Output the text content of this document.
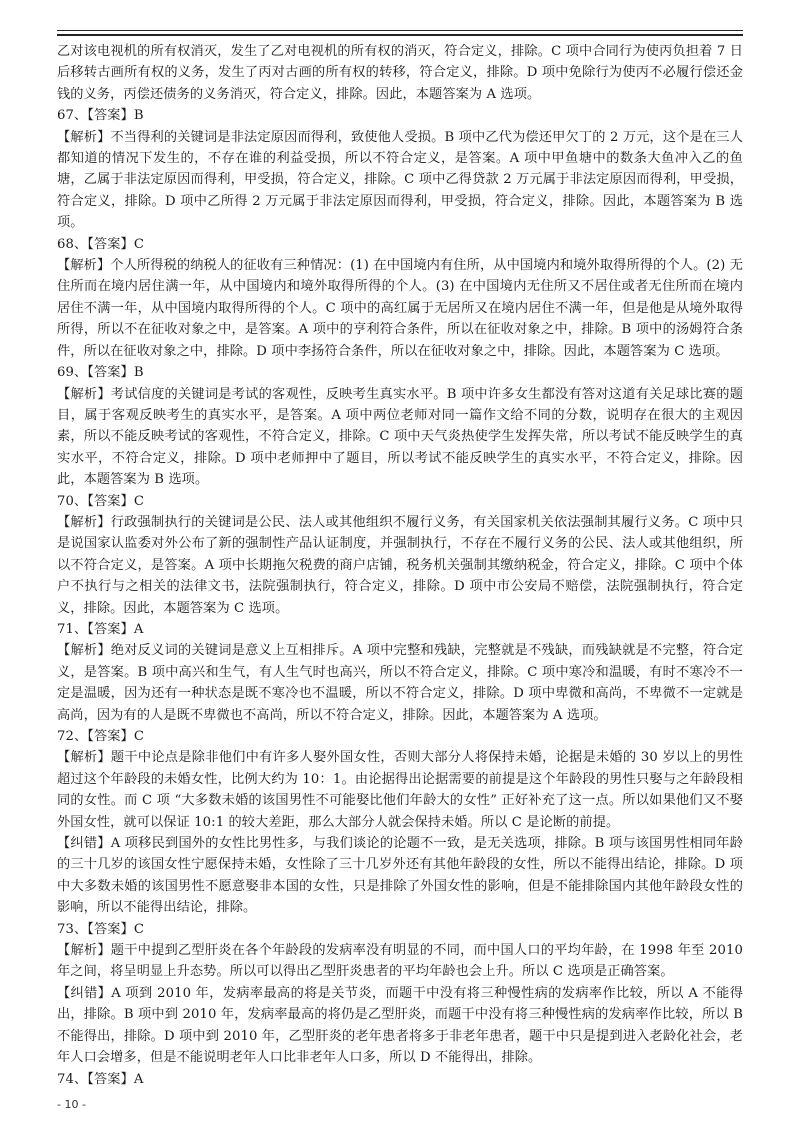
乙对该电视机的所有权消灭，发生了乙对电视机的所有权的消灭，符合定义，排除。C 项中合同行为使丙负担着 7 日后移转古画所有权的义务，发生了丙对古画的所有权的转移，符合定义，排除。D 项中免除行为使丙不必履行偿还金钱的义务，丙偿还债务的义务消灭，符合定义，排除。因此，本题答案为 A 选项。

67、【答案】B

【解析】不当得利的关键词是非法定原因而得利，致使他人受损。B 项中乙代为偿还甲欠丁的 2 万元，这个是在三人都知道的情况下发生的，不存在谁的利益受损，所以不符合定义，是答案。A 项中甲鱼塘中的数条大鱼冲入乙的鱼塘，乙属于非法定原因而得利，甲受损，符合定义，排除。C 项中乙得贷款 2 万元属于非法定原因而得利，甲受损，符合定义，排除。D 项中乙所得 2 万元属于非法定原因而得利，甲受损，符合定义，排除。因此，本题答案为 B 选项。

68、【答案】C

【解析】个人所得税的纳税人的征收有三种情况：(1) 在中国境内有住所，从中国境内和境外取得所得的个人。(2) 无住所而在境内居住满一年，从中国境内和境外取得所得的个人。(3) 在中国境内无住所又不居住或者无住所而在境内居住不满一年，从中国境内取得所得的个人。C 项中的高红属于无居所又在境内居住不满一年，但是他是从境外取得所得，所以不在征收对象之中，是答案。A 项中的亨利符合条件，所以在征收对象之中，排除。B 项中的汤姆符合条件，所以在征收对象之中，排除。D 项中李扬符合条件，所以在征收对象之中，排除。因此，本题答案为 C 选项。

69、【答案】B

【解析】考试信度的关键词是考试的客观性，反映考生真实水平。B 项中许多女生都没有答对这道有关足球比赛的题目，属于客观反映考生的真实水平，是答案。A 项中两位老师对同一篇作文给不同的分数，说明存在很大的主观因素，所以不能反映考试的客观性，不符合定义，排除。C 项中天气炎热使学生发挥失常，所以考试不能反映学生的真实水平，不符合定义，排除。D 项中老师押中了题目，所以考试不能反映学生的真实水平，不符合定义，排除。因此，本题答案为 B 选项。

70、【答案】C

【解析】行政强制执行的关键词是公民、法人或其他组织不履行义务，有关国家机关依法强制其履行义务。C 项中只是说国家认监委对外公布了新的强制性产品认证制度，并强制执行，不存在不履行义务的公民、法人或其他组织，所以不符合定义，是答案。A 项中长期拖欠税费的商户店铺，税务机关强制其缴纳税金，符合定义，排除。C 项中个体户不执行与之相关的法律文书，法院强制执行，符合定义，排除。D 项中市公安局不赔偿，法院强制执行，符合定义，排除。因此，本题答案为 C 选项。

71、【答案】A

【解析】绝对反义词的关键词是意义上互相排斥。A 项中完整和残缺，完整就是不残缺，而残缺就是不完整，符合定义，是答案。B 项中高兴和生气，有人生气时也高兴，所以不符合定义，排除。C 项中寒冷和温暖，有时不寒冷不一定是温暖，因为还有一种状态是既不寒冷也不温暖，所以不符合定义，排除。D 项中卑微和高尚，不卑微不一定就是高尚，因为有的人是既不卑微也不高尚，所以不符合定义，排除。因此，本题答案为 A 选项。

72、【答案】C

【解析】题干中论点是除非他们中有许多人娶外国女性，否则大部分人将保持未婚，论据是未婚的 30 岁以上的男性超过这个年龄段的未婚女性，比例大约为 10：1。由论据得出论据需要的前提是这个年龄段的男性只娶与之年龄段相同的女性。而 C 项 “大多数未婚的该国男性不可能娶比他们年龄大的女性” 正好补充了这一点。所以如果他们又不娶外国女性，就可以保证 10:1 的较大差距，那么大部分人就会保持未婚。所以 C 是论断的前提。

【纠错】A 项移民到国外的女性比男性多，与我们谈论的论题不一致，是无关选项，排除。B 项与该国男性相同年龄的三十几岁的该国女性宁愿保持未婚，女性除了三十几岁外还有其他年龄段的女性，所以不能得出结论，排除。D 项中大多数未婚的该国男性不愿意娶非本国的女性，只是排除了外国女性的影响，但是不能排除国内其他年龄段女性的影响，所以不能得出结论，排除。

73、【答案】C

【解析】题干中提到乙型肝炎在各个年龄段的发病率没有明显的不同，而中国人口的平均年龄，在 1998 年至 2010 年之间，将呈明显上升态势。所以可以得出乙型肝炎患者的平均年龄也会上升。所以 C 选项是正确答案。

【纠错】A 项到 2010 年，发病率最高的将是关节炎，而题干中没有将三种慢性病的发病率作比较，所以 A 不能得出，排除。B 项中到 2010 年，发病率最高的将仍是乙型肝炎，而题干中没有将三种慢性病的发病率作比较，所以 B 不能得出，排除。D 项中到 2010 年，乙型肝炎的老年患者将多于非老年患者，题干中只是提到进入老龄化社会，老年人口会增多，但是不能说明老年人口比非老年人口多，所以 D 不能得出，排除。

74、【答案】A

- 10 -
